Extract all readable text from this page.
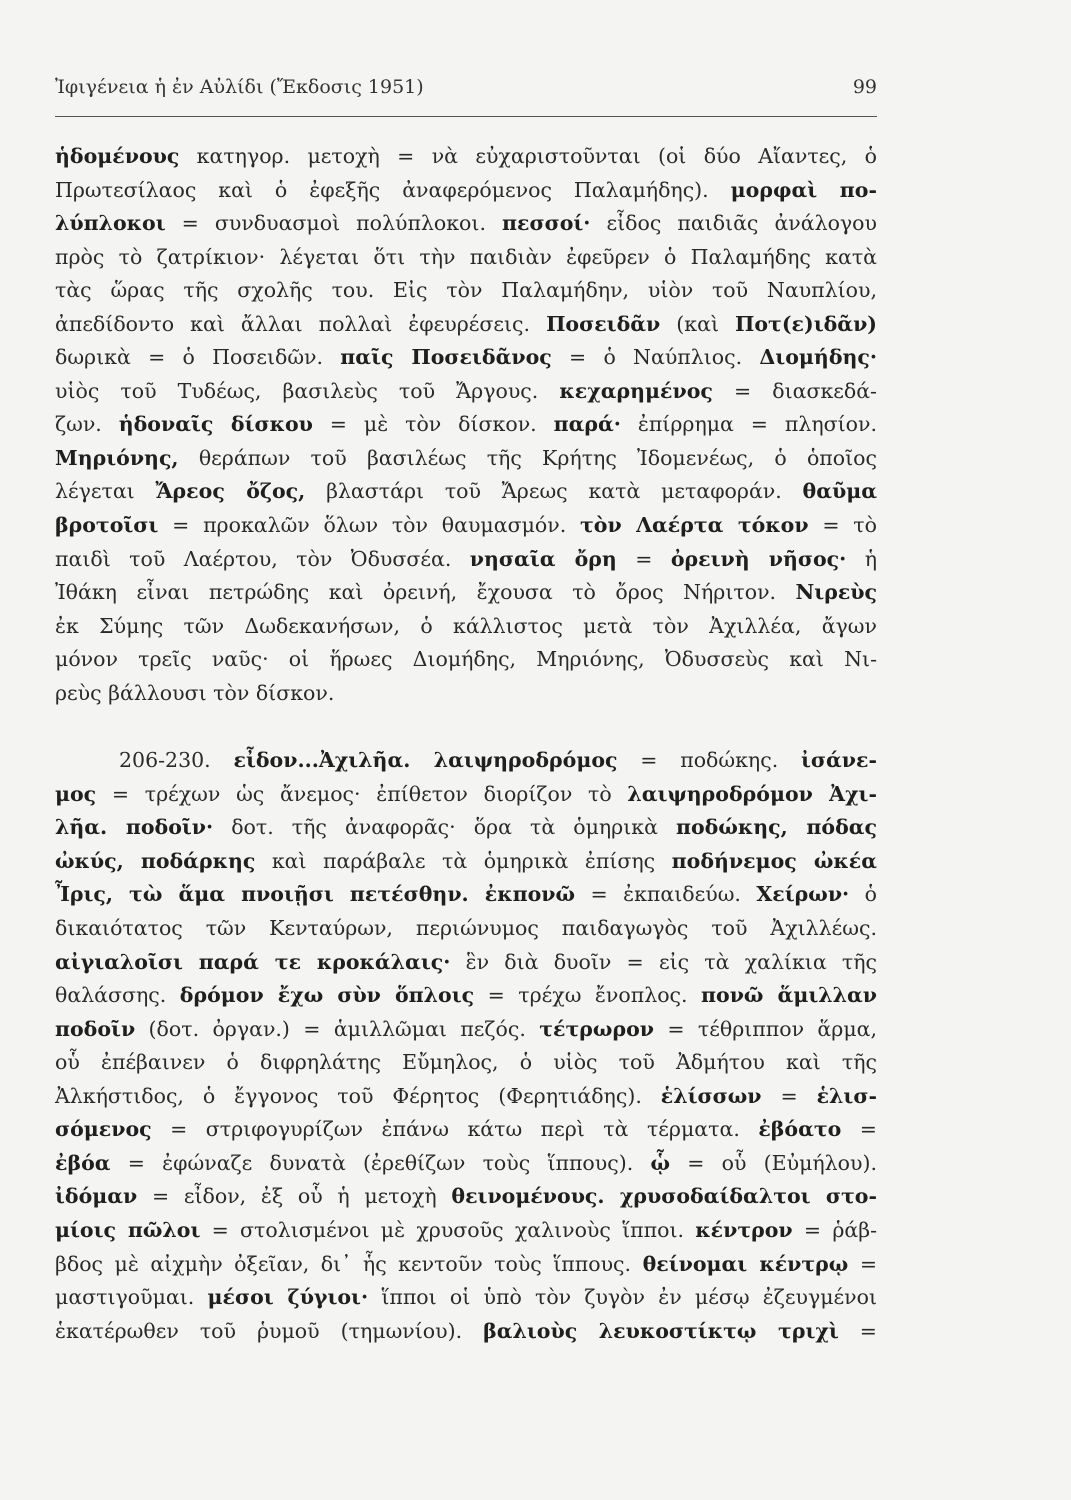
Ἰφιγένεια ἡ ἐν Αὐλίδι (Ἔκδοσις 1951)	99
ἡδομένους κατηγορ. μετοχὴ = νὰ εὐχαριστοῦνται (οἱ δύο Αἴαντες, ὁ
Πρωτεσίλαος καὶ ὁ ἐφεξῆς ἀναφερόμενος Παλαμήδης). μορφαὶ πο-
λύπλοκοι = συνδυασμοὶ πολύπλοκοι. πεσσοί· εἶδος παιδιᾶς ἀνάλογου
πρὸς τὸ ζατρίκιον· λέγεται ὅτι τὴν παιδιὰν ἐφεῦρεν ὁ Παλαμήδης κατὰ
τὰς ὥρας τῆς σχολῆς του. Εἰς τὸν Παλαμήδην, υἱὸν τοῦ Ναυπλίου,
ἀπεδίδοντο καὶ ἄλλαι πολλαὶ ἐφευρέσεις. Ποσειδᾶν (καὶ Ποτ(ε)ιδᾶν)
δωρικὰ = ὁ Ποσειδῶν. παῖς Ποσειδᾶνος = ὁ Ναύπλιος. Διομήδης·
υἱὸς τοῦ Τυδέως, βασιλεὺς τοῦ Ἄργους. κεχαρημένος = διασκεδά-
ζων. ἡδοναῖς δίσκου = μὲ τὸν δίσκον. παρά· ἐπίρρημα = πλησίον.
Μηριόνης, θεράπων τοῦ βασιλέως τῆς Κρήτης Ἰδομενέως, ὁ ὁποῖος
λέγεται Ἄρεος ὄζος, βλαστάρι τοῦ Ἄρεως κατὰ μεταφοράν. θαῦμα
βροτοῖσι = προκαλῶν ὅλων τὸν θαυμασμόν. τὸν Λαέρτα τόκον = τὸ
παιδὶ τοῦ Λαέρτου, τὸν Ὀδυσσέα. νησαῖα ὄρη = ὀρεινὴ νῆσος· ἡ
Ἰθάκη εἶναι πετρώδης καὶ ὀρεινή, ἔχουσα τὸ ὄρος Νήριτον. Νιρεὺς
ἐκ Σύμης τῶν Δωδεκανήσων, ὁ κάλλιστος μετὰ τὸν Ἀχιλλέα, ἄγων
μόνον τρεῖς ναῦς· οἱ ἥρωες Διομήδης, Μηριόνης, Ὀδυσσεὺς καὶ Νι-
ρεὺς βάλλουσι τὸν δίσκον.
206-230. εἶδον...Ἀχιλῆα. λαιψηροδρόμος = ποδώκης. ἰσάνε-
μος = τρέχων ὡς ἄνεμος· ἐπίθετον διορίζον τὸ λαιψηροδρόμον Ἀχι-
λῆα. ποδοῖν· δοτ. τῆς ἀναφορᾶς· ὅρα τὰ ὁμηρικὰ ποδώκης, πόδας
ὠκύς, ποδάρκης καὶ παράβαλε τὰ ὁμηρικὰ ἐπίσης ποδήνεμος ὠκέα
Ἶρις, τὼ ἅμα πνοιῇσι πετέσθην. ἐκπονῶ = ἐκπαιδεύω. Χείρων· ὁ
δικαιότατος τῶν Κενταύρων, περιώνυμος παιδαγωγὸς τοῦ Ἀχιλλέως.
αἰγιαλοῖσι παρά τε κροκάλαις· ἓν διὰ δυοῖν = εἰς τὰ χαλίκια τῆς
θαλάσσης. δρόμον ἔχω σὺν ὅπλοις = τρέχω ἔνοπλος. πονῶ ἅμιλλαν
ποδοῖν (δοτ. ὀργαν.) = ἁμιλλῶμαι πεζός. τέτρωρον = τέθριππον ἅρμα,
οὗ ἐπέβαινεν ὁ διφρηλάτης Εὔμηλος, ὁ υἱὸς τοῦ Ἀδμήτου καὶ τῆς
Ἀλκήστιδος, ὁ ἔγγονος τοῦ Φέρητος (Φερητιάδης). ἑλίσσων = ἑλισ-
σόμενος = στριφογυρίζων ἐπάνω κάτω περὶ τὰ τέρματα. ἐβόατο =
ἐβόα = ἐφώναζε δυνατὰ (ἐρεθίζων τοὺς ἵππους). ᾧ = οὗ (Εὐμήλου).
ἰδόμαν = εἶδον, ἐξ οὗ ἡ μετοχὴ θεινομένους. χρυσοδαίδαλτοι στο-
μίοις πῶλοι = στολισμένοι μὲ χρυσοῦς χαλινοὺς ἵπποι. κέντρον = ῥάβ-
βδος μὲ αἰχμὴν ὀξεῖαν, δι᾽ ἧς κεντοῦν τοὺς ἵππους. θείνομαι κέντρῳ =
μαστιγοῦμαι. μέσοι ζύγιοι· ἵπποι οἱ ὑπὸ τὸν ζυγὸν ἐν μέσῳ ἐζευγμένοι
ἑκατέρωθεν τοῦ ῥυμοῦ (τημωνίου). βαλιοὺς λευκοστίκτῳ τριχὶ =
